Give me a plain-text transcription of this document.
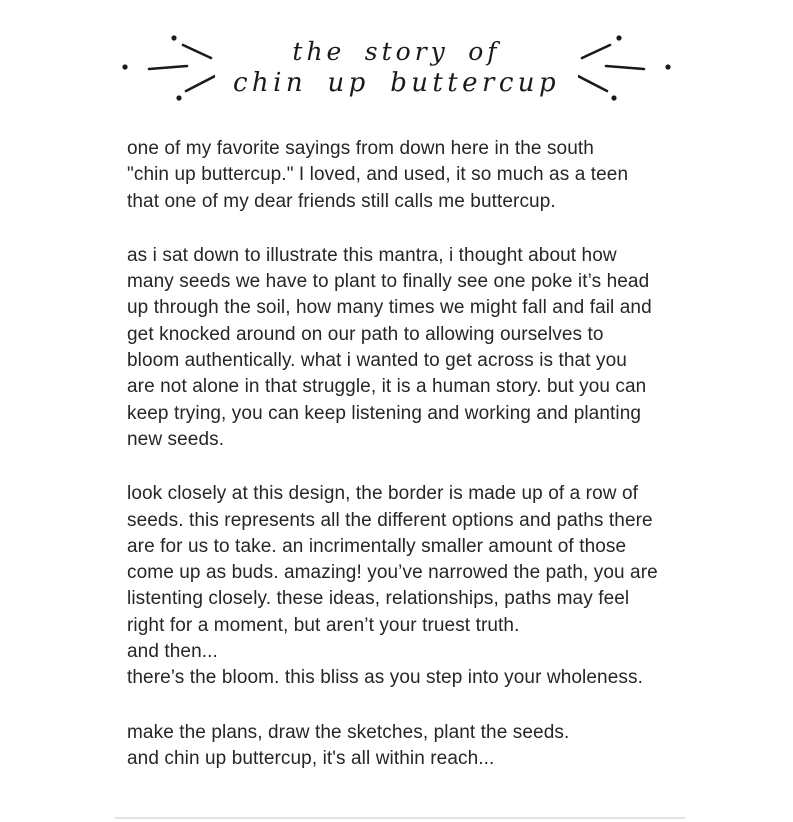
the story of
chin up buttercup
one of my favorite sayings from down here in the south
"chin up buttercup." I loved, and used, it so much as a teen
that one of my dear friends still calls me buttercup.
as i sat down to illustrate this mantra, i thought about how
many seeds we have to plant to finally see one poke it’s head
up through the soil, how many times we might fall and fail and
get knocked around on our path to allowing ourselves to
bloom authentically. what i wanted to get across is that you
are not alone in that struggle, it is a human story. but you can
keep trying, you can keep listening and working and planting
new seeds.
look closely at this design, the border is made up of a row of
seeds. this represents all the different options and paths there
are for us to take. an incrimentally smaller amount of those
come up as buds. amazing! you’ve narrowed the path, you are
listenting closely. these ideas, relationships, paths may feel
right for a moment, but aren’t your truest truth.
and then...
there’s the bloom. this bliss as you step into your wholeness.
make the plans, draw the sketches, plant the seeds.
and chin up buttercup, it's all within reach...
